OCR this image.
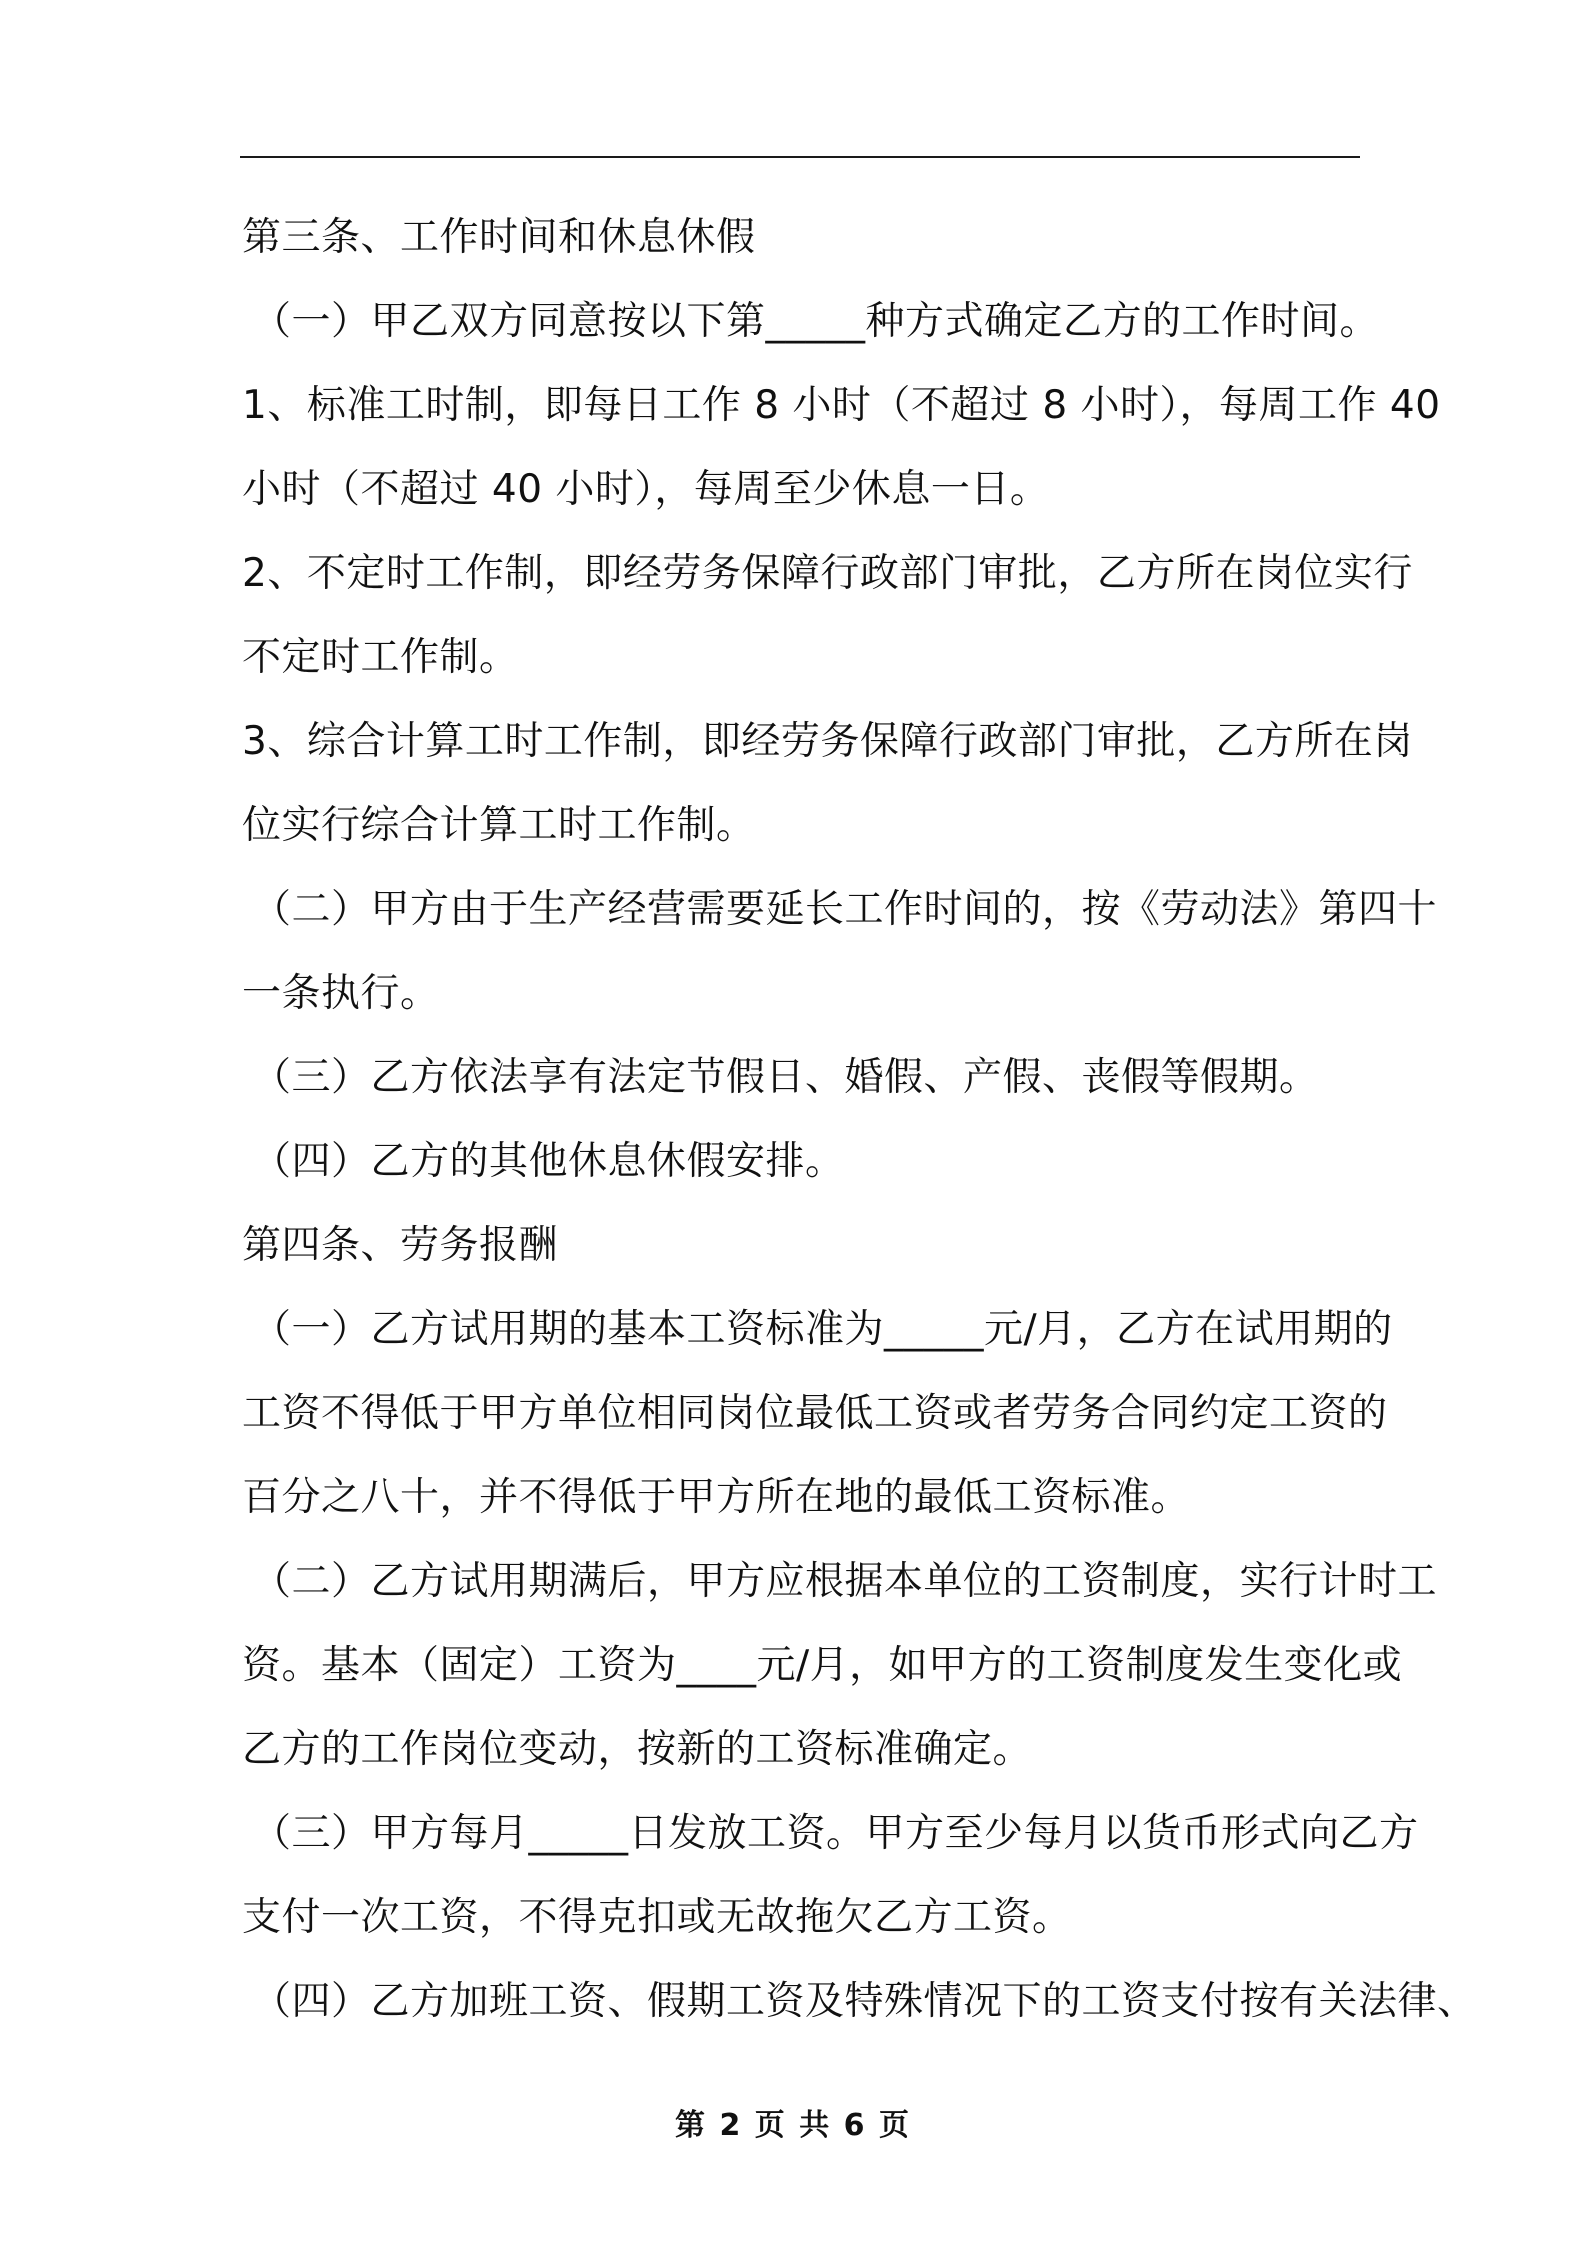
第三条、工作时间和休息休假

（一）甲乙双方同意按以下第_____种方式确定乙方的工作时间。

1、标准工时制，即每日工作 8 小时（不超过 8 小时），每周工作 40

小时（不超过 40 小时），每周至少休息一日。

2、不定时工作制，即经劳务保障行政部门审批，乙方所在岗位实行

不定时工作制。

3、综合计算工时工作制，即经劳务保障行政部门审批，乙方所在岗

位实行综合计算工时工作制。

（二）甲方由于生产经营需要延长工作时间的，按《劳动法》第四十

一条执行。

（三）乙方依法享有法定节假日、婚假、产假、丧假等假期。

（四）乙方的其他休息休假安排。

第四条、劳务报酬

（一）乙方试用期的基本工资标准为_____元/月，乙方在试用期的

工资不得低于甲方单位相同岗位最低工资或者劳务合同约定工资的

百分之八十，并不得低于甲方所在地的最低工资标准。

（二）乙方试用期满后，甲方应根据本单位的工资制度，实行计时工

资。基本（固定）工资为____元/月，如甲方的工资制度发生变化或

乙方的工作岗位变动，按新的工资标准确定。

（三）甲方每月_____日发放工资。甲方至少每月以货币形式向乙方

支付一次工资，不得克扣或无故拖欠乙方工资。

（四）乙方加班工资、假期工资及特殊情况下的工资支付按有关法律、

第 2 页 共 6 页
